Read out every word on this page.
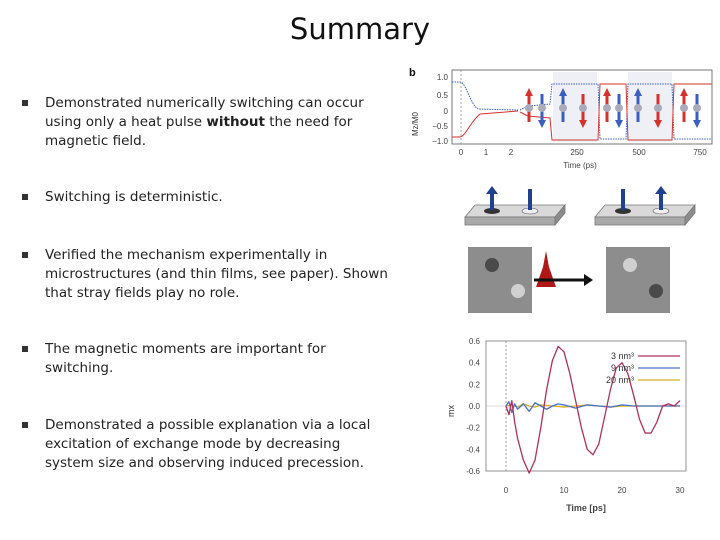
Summary
Demonstrated numerically switching can occur using only a heat pulse without the need for magnetic field.
Switching is deterministic.
Verified the mechanism experimentally in microstructures (and thin films, see paper). Shown that stray fields play no role.
The magnetic moments are important for switching.
Demonstrated a possible explanation via a local excitation of exchange mode by decreasing system size and observing induced precession.
b
Mz/M0
1.0
0.5
0
−0.5
−1.0
0	1	2	250	500	750
Time (ps)
mx
0.6
0.4
0.2
0.0
-0.2
-0.4
-0.6
0	10	20	30
3 nm³
9 nm³
20 nm³
Time [ps]
